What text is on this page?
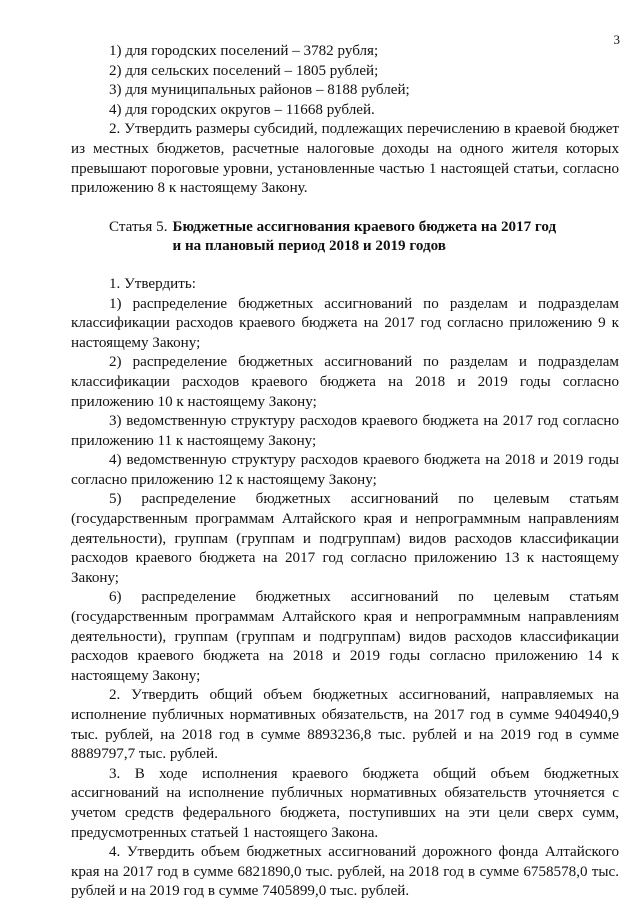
3

1) для городских поселений – 3782 рубля;

2) для сельских поселений – 1805 рублей;

3) для муниципальных районов – 8188 рублей;

4) для городских округов – 11668 рублей.

2. Утвердить размеры субсидий, подлежащих перечислению в краевой бюджет из местных бюджетов, расчетные налоговые доходы на одного жителя которых превышают пороговые уровни, установленные частью 1 настоящей статьи, согласно приложению 8 к настоящему Закону.

Статья 5. Бюджетные ассигнования краевого бюджета на 2017 год
и на плановый период 2018 и 2019 годов

1. Утвердить:

1) распределение бюджетных ассигнований по разделам и подразделам классификации расходов краевого бюджета на 2017 год согласно приложению 9 к настоящему Закону;

2) распределение бюджетных ассигнований по разделам и подразделам классификации расходов краевого бюджета на 2018 и 2019 годы согласно приложению 10 к настоящему Закону;

3) ведомственную структуру расходов краевого бюджета на 2017 год согласно приложению 11 к настоящему Закону;

4) ведомственную структуру расходов краевого бюджета на 2018 и 2019 годы согласно приложению 12 к настоящему Закону;

5) распределение бюджетных ассигнований по целевым статьям (государственным программам Алтайского края и непрограммным направлениям деятельности), группам (группам и подгруппам) видов расходов классификации расходов краевого бюджета на 2017 год согласно приложению 13 к настоящему Закону;

6) распределение бюджетных ассигнований по целевым статьям (государственным программам Алтайского края и непрограммным направлениям деятельности), группам (группам и подгруппам) видов расходов классификации расходов краевого бюджета на 2018 и 2019 годы согласно приложению 14 к настоящему Закону;

2. Утвердить общий объем бюджетных ассигнований, направляемых на исполнение публичных нормативных обязательств, на 2017 год в сумме 9404940,9 тыс. рублей, на 2018 год в сумме 8893236,8 тыс. рублей и на 2019 год в сумме 8889797,7 тыс. рублей.

3. В ходе исполнения краевого бюджета общий объем бюджетных ассигнований на исполнение публичных нормативных обязательств уточняется с учетом средств федерального бюджета, поступивших на эти цели сверх сумм, предусмотренных статьей 1 настоящего Закона.

4. Утвердить объем бюджетных ассигнований дорожного фонда Алтайского края на 2017 год в сумме 6821890,0 тыс. рублей, на 2018 год в сумме 6758578,0 тыс. рублей и на 2019 год в сумме 7405899,0 тыс. рублей.
